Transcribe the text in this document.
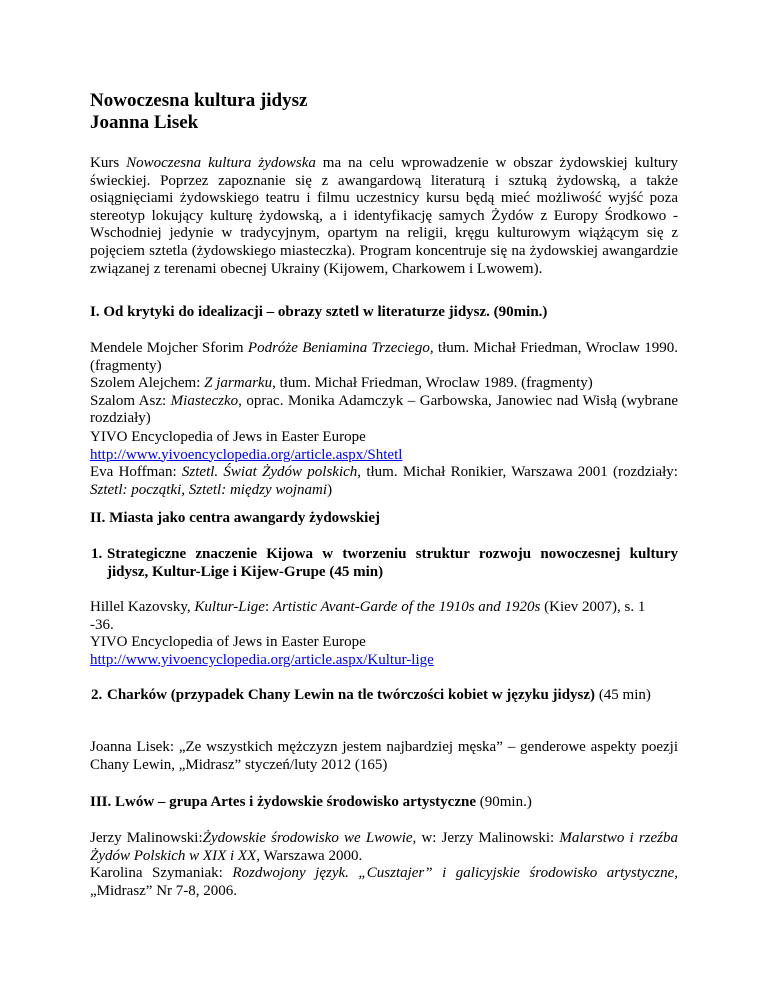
Nowoczesna kultura jidysz
Joanna Lisek

Kurs Nowoczesna kultura żydowska ma na celu wprowadzenie w obszar żydowskiej kultury świeckiej. Poprzez zapoznanie się z awangardową literaturą i sztuką żydowską, a także osiągnięciami żydowskiego teatru i filmu uczestnicy kursu będą mieć możliwość wyjść poza stereotyp lokujący kulturę żydowską, a i identyfikację samych Żydów z Europy Środkowo - Wschodniej jedynie w tradycyjnym, opartym na religii, kręgu kulturowym wiążącym się z pojęciem sztetla (żydowskiego miasteczka). Program koncentruje się na żydowskiej awangardzie związanej z terenami obecnej Ukrainy (Kijowem, Charkowem i Lwowem).

I. Od krytyki do idealizacji – obrazy sztetl w literaturze jidysz. (90min.)

Mendele Mojcher Sforim Podróże Beniamina Trzeciego, tłum. Michał Friedman, Wroclaw 1990.(fragmenty)
Szolem Alejchem: Z jarmarku, tłum. Michał Friedman, Wroclaw 1989. (fragmenty)
Szalom Asz: Miasteczko, oprac. Monika Adamczyk – Garbowska, Janowiec nad Wisłą (wybrane rozdziały)
YIVO Encyclopedia of Jews in Easter Europe
http://www.yivoencyclopedia.org/article.aspx/Shtetl
Eva Hoffman: Sztetl. Świat Żydów polskich, tłum. Michał Ronikier, Warszawa 2001 (rozdziały: Sztetl: początki, Sztetl: między wojnami)

II. Miasta jako centra awangardy żydowskiej

1. Strategiczne znaczenie Kijowa w tworzeniu struktur rozwoju nowoczesnej kultury jidysz, Kultur-Lige i Kijew-Grupe (45 min)
Hillel Kazovsky, Kultur-Lige: Artistic Avant-Garde of the 1910s and 1920s (Kiev 2007), s. 1
-36.
YIVO Encyclopedia of Jews in Easter Europe
http://www.yivoencyclopedia.org/article.aspx/Kultur-lige
2. Charków (przypadek Chany Lewin na tle twórczości kobiet w języku jidysz) (45 min)

Joanna Lisek: „Ze wszystkich mężczyzn jestem najbardziej męska” – genderowe aspekty poezji Chany Lewin, „Midrasz” styczeń/luty 2012 (165)

III. Lwów – grupa Artes i żydowskie środowisko artystyczne (90min.)

Jerzy Malinowski:Żydowskie środowisko we Lwowie, w: Jerzy Malinowski: Malarstwo i rzeźba Żydów Polskich w XIX i XX, Warszawa 2000.
Karolina Szymaniak: Rozdwojony język. „Cusztajer” i galicyjskie środowisko artystyczne, „Midrasz” Nr 7-8, 2006.
